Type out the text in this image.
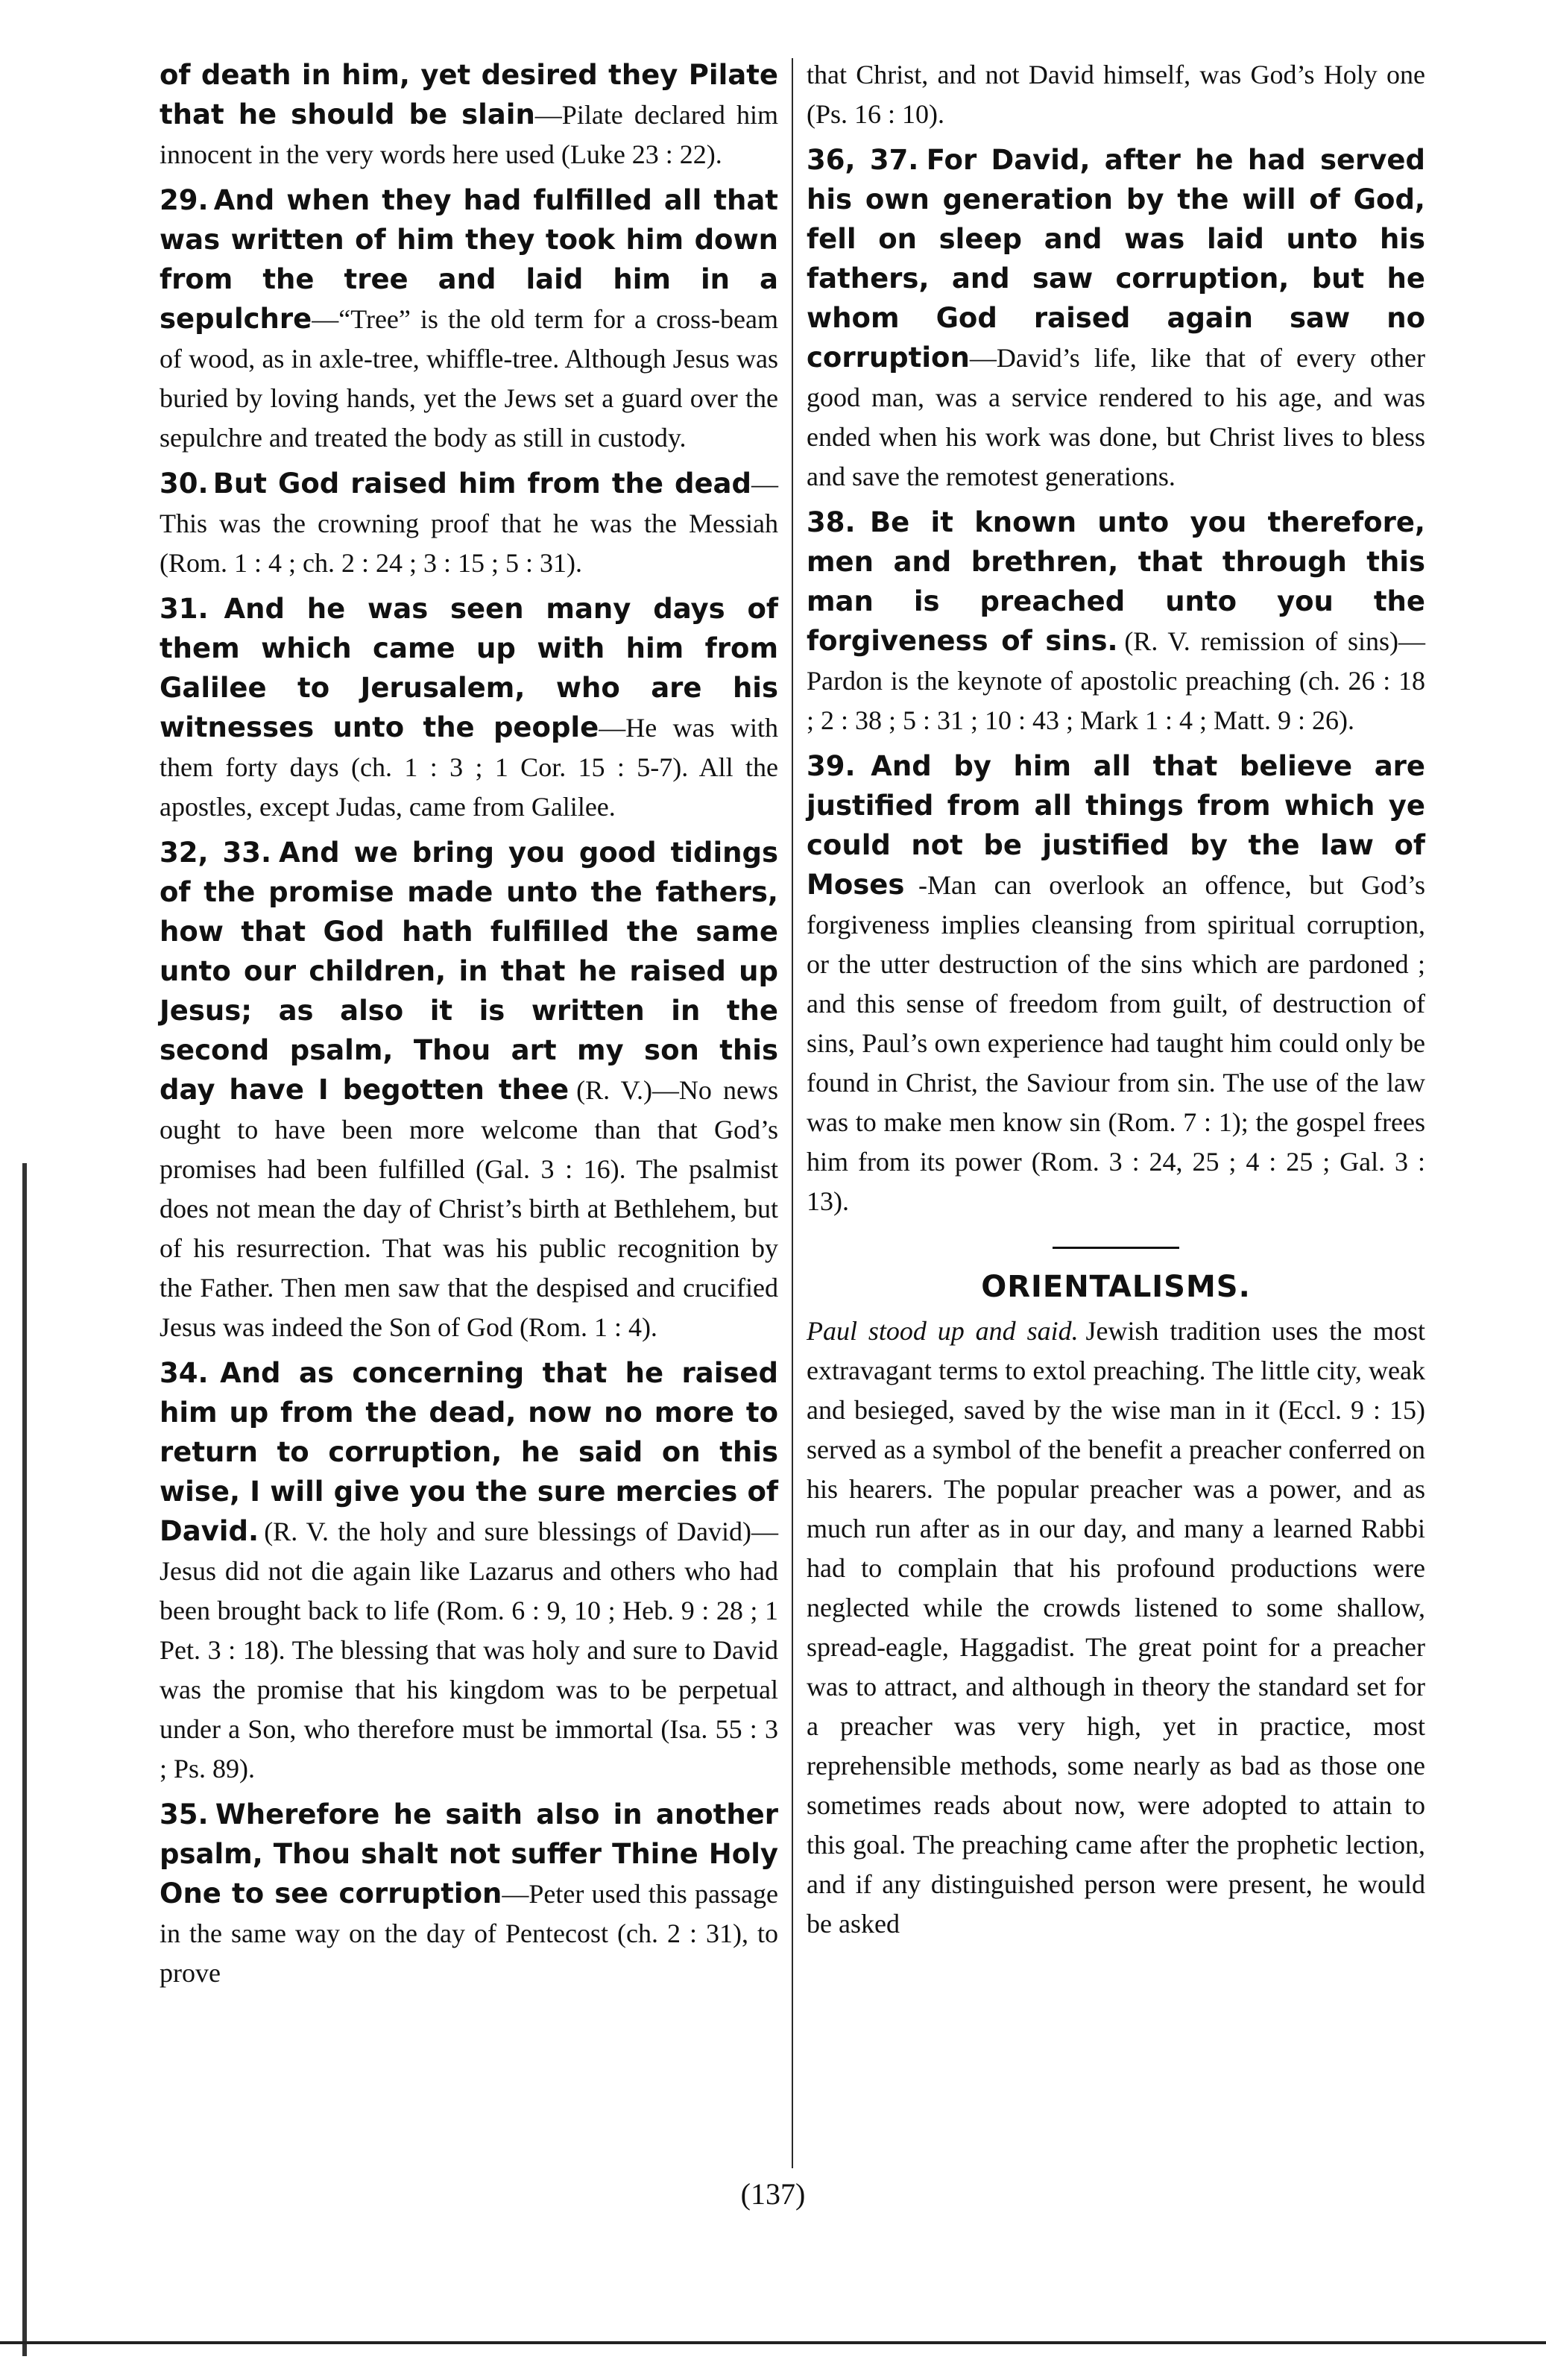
of death in him, yet desired they Pilate that he should be slain—Pilate declared him innocent in the very words here used (Luke 23 : 22).

29. And when they had fulfilled all that was written of him they took him down from the tree and laid him in a sepulchre—“Tree” is the old term for a cross-beam of wood, as in axle-tree, whiffle-tree. Although Jesus was buried by loving hands, yet the Jews set a guard over the sepulchre and treated the body as still in custody.

30. But God raised him from the dead—This was the crowning proof that he was the Messiah (Rom. 1 : 4 ; ch. 2 : 24 ; 3 : 15 ; 5 : 31).

31. And he was seen many days of them which came up with him from Galilee to Jerusalem, who are his witnesses unto the people—He was with them forty days (ch. 1 : 3 ; 1 Cor. 15 : 5-7). All the apostles, except Judas, came from Galilee.

32, 33. And we bring you good tidings of the promise made unto the fathers, how that God hath fulfilled the same unto our children, in that he raised up Jesus; as also it is written in the second psalm, Thou art my son this day have I begotten thee (R. V.)—No news ought to have been more welcome than that God’s promises had been fulfilled (Gal. 3 : 16). The psalmist does not mean the day of Christ’s birth at Bethlehem, but of his resurrection. That was his public recognition by the Father. Then men saw that the despised and crucified Jesus was indeed the Son of God (Rom. 1 : 4).

34. And as concerning that he raised him up from the dead, now no more to return to corruption, he said on this wise, I will give you the sure mercies of David. (R. V. the holy and sure blessings of David)—Jesus did not die again like Lazarus and others who had been brought back to life (Rom. 6 : 9, 10 ; Heb. 9 : 28 ; 1 Pet. 3 : 18). The blessing that was holy and sure to David was the promise that his kingdom was to be perpetual under a Son, who therefore must be immortal (Isa. 55 : 3 ; Ps. 89).

35. Wherefore he saith also in another psalm, Thou shalt not suffer Thine Holy One to see corruption—Peter used this passage in the same way on the day of Pentecost (ch. 2 : 31), to prove

that Christ, and not David himself, was God’s Holy one (Ps. 16 : 10).

36, 37. For David, after he had served his own generation by the will of God, fell on sleep and was laid unto his fathers, and saw corruption, but he whom God raised again saw no corruption—David’s life, like that of every other good man, was a service rendered to his age, and was ended when his work was done, but Christ lives to bless and save the remotest generations.

38. Be it known unto you therefore, men and brethren, that through this man is preached unto you the forgiveness of sins. (R. V. remission of sins)—Pardon is the keynote of apostolic preaching (ch. 26 : 18 ; 2 : 38 ; 5 : 31 ; 10 : 43 ; Mark 1 : 4 ; Matt. 9 : 26).

39. And by him all that believe are justified from all things from which ye could not be justified by the law of Moses -Man can overlook an offence, but God’s forgiveness implies cleansing from spiritual corruption, or the utter destruction of the sins which are pardoned ; and this sense of freedom from guilt, of destruction of sins, Paul’s own experience had taught him could only be found in Christ, the Saviour from sin. The use of the law was to make men know sin (Rom. 7 : 1); the gospel frees him from its power (Rom. 3 : 24, 25 ; 4 : 25 ; Gal. 3 : 13).

ORIENTALISMS.

Paul stood up and said. Jewish tradition uses the most extravagant terms to extol preaching. The little city, weak and besieged, saved by the wise man in it (Eccl. 9 : 15) served as a symbol of the benefit a preacher conferred on his hearers. The popular preacher was a power, and as much run after as in our day, and many a learned Rabbi had to complain that his profound productions were neglected while the crowds listened to some shallow, spread-eagle, Haggadist. The great point for a preacher was to attract, and although in theory the standard set for a preacher was very high, yet in practice, most reprehensible methods, some nearly as bad as those one sometimes reads about now, were adopted to attain to this goal. The preaching came after the prophetic lection, and if any distinguished person were present, he would be asked

(137)
